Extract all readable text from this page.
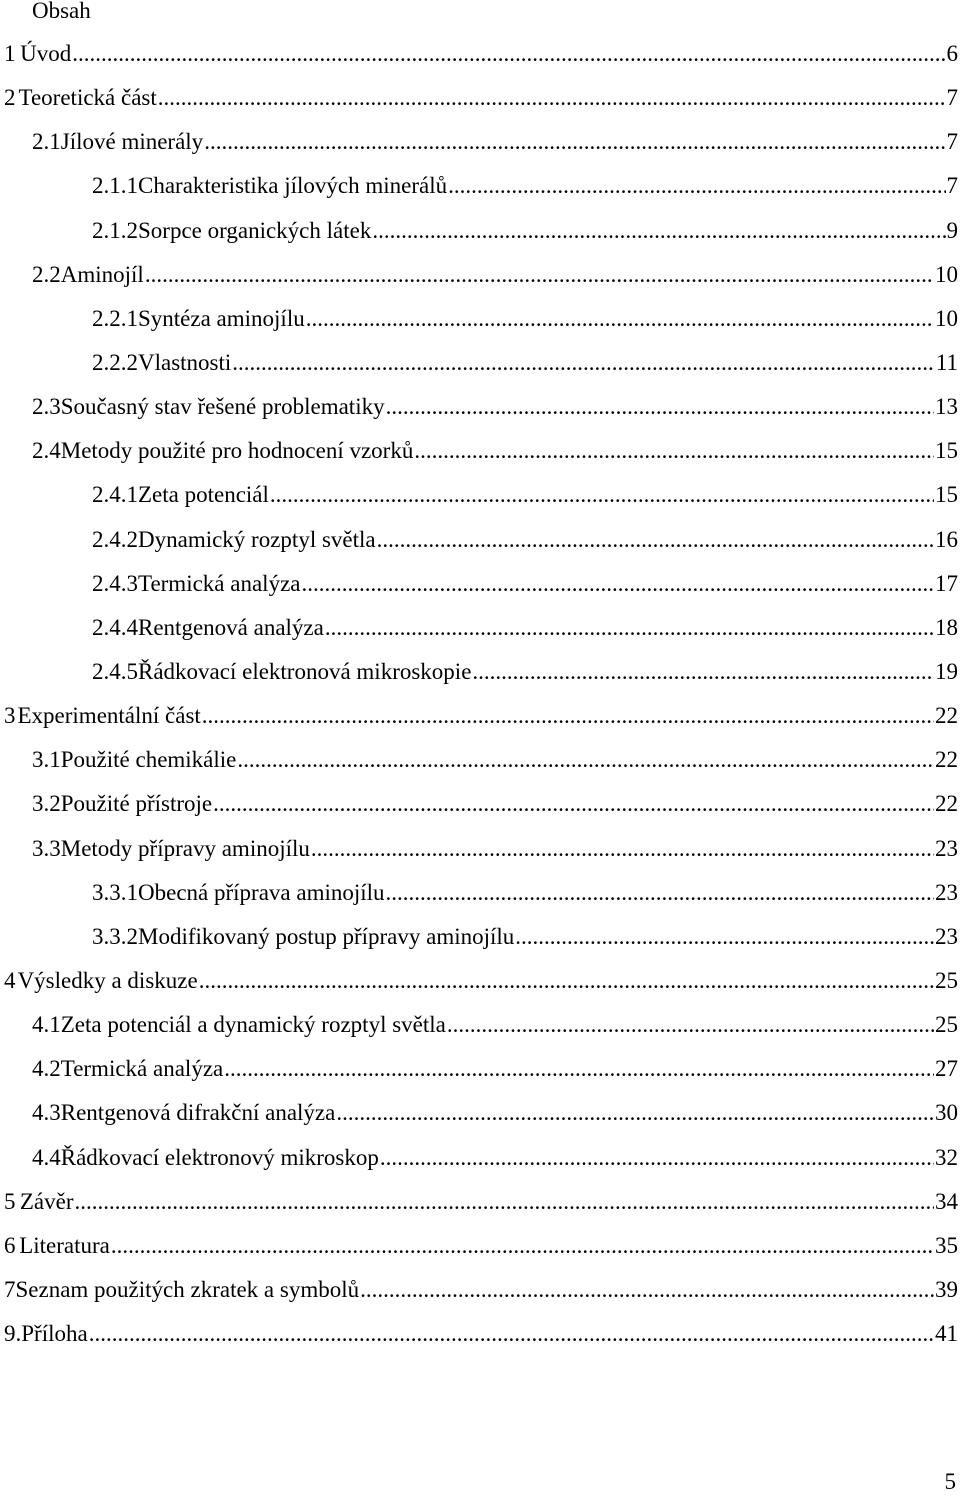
Obsah
1 Úvod .....	6
2 Teoretická část .....	7
2.1 Jílové minerály .....	7
2.1.1 Charakteristika jílových minerálů .....	7
2.1.2 Sorpce organických látek .....	9
2.2 Aminojíl .....	10
2.2.1 Syntéza aminojílu .....	10
2.2.2 Vlastnosti .....	11
2.3 Současný stav řešené problematiky .....	13
2.4 Metody použité pro hodnocení vzorků .....	15
2.4.1 Zeta potenciál .....	15
2.4.2 Dynamický rozptyl světla .....	16
2.4.3 Termická analýza .....	17
2.4.4 Rentgenová analýza .....	18
2.4.5 Řádkovací elektronová mikroskopie .....	19
3 Experimentální část .....	22
3.1 Použité chemikálie .....	22
3.2 Použité přístroje .....	22
3.3 Metody přípravy aminojílu .....	23
3.3.1 Obecná příprava aminojílu .....	23
3.3.2 Modifikovaný postup přípravy aminojílu .....	23
4 Výsledky a diskuze .....	25
4.1 Zeta potenciál a dynamický rozptyl světla .....	25
4.2 Termická analýza .....	27
4.3 Rentgenová difrakční analýza .....	30
4.4 Řádkovací elektronový mikroskop .....	32
5 Závěr .....	34
6 Literatura .....	35
7 Seznam použitých zkratek a symbolů .....	39
9. Příloha .....	41
5
